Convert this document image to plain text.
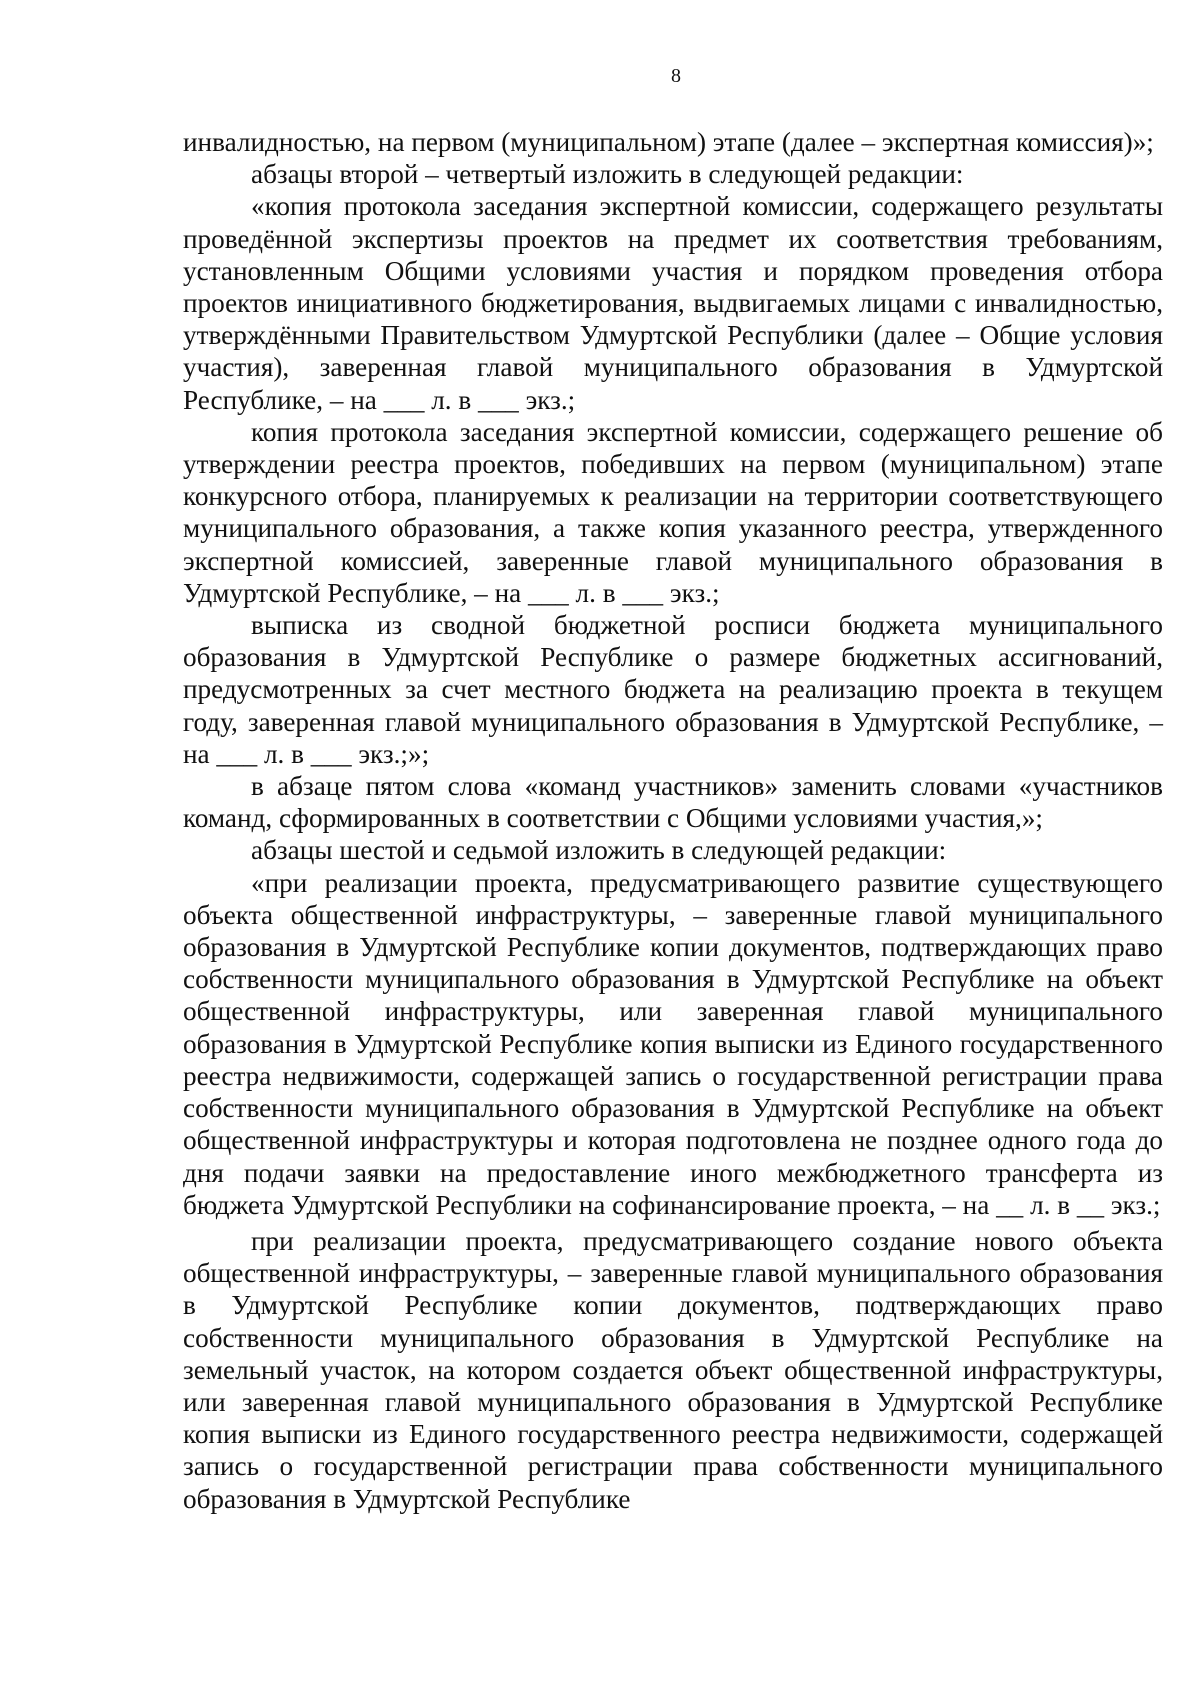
8

инвалидностью, на первом (муниципальном) этапе (далее – экспертная комиссия)»;

абзацы второй – четвертый изложить в следующей редакции:

«копия протокола заседания экспертной комиссии, содержащего результаты проведённой экспертизы проектов на предмет их соответствия требованиям, установленным Общими условиями участия и порядком проведения отбора проектов инициативного бюджетирования, выдвигаемых лицами с инвалидностью, утверждёнными Правительством Удмуртской Республики (далее – Общие условия участия), заверенная главой муниципального образования в Удмуртской Республике, – на ___ л. в ___ экз.;

копия протокола заседания экспертной комиссии, содержащего решение об утверждении реестра проектов, победивших на первом (муниципальном) этапе конкурсного отбора, планируемых к реализации на территории соответствующего муниципального образования, а также копия указанного реестра, утвержденного экспертной комиссией, заверенные главой муниципального образования в Удмуртской Республике, – на ___ л. в ___ экз.;

выписка из сводной бюджетной росписи бюджета муниципального образования в Удмуртской Республике о размере бюджетных ассигнований, предусмотренных за счет местного бюджета на реализацию проекта в текущем году, заверенная главой муниципального образования в Удмуртской Республике, – на ___ л. в ___ экз.;»;

в абзаце пятом слова «команд участников» заменить словами «участников команд, сформированных в соответствии с Общими условиями участия,»;

абзацы шестой и седьмой изложить в следующей редакции:

«при реализации проекта, предусматривающего развитие существующего объекта общественной инфраструктуры, – заверенные главой муниципального образования в Удмуртской Республике копии документов, подтверждающих право собственности муниципального образования в Удмуртской Республике на объект общественной инфраструктуры, или заверенная главой муниципального образования в Удмуртской Республике копия выписки из Единого государственного реестра недвижимости, содержащей запись о государственной регистрации права собственности муниципального образования в Удмуртской Республике на объект общественной инфраструктуры и которая подготовлена не позднее одного года до дня подачи заявки на предоставление иного межбюджетного трансферта из бюджета Удмуртской Республики на софинансирование проекта, – на __ л. в __ экз.;

при реализации проекта, предусматривающего создание нового объекта общественной инфраструктуры, – заверенные главой муниципального образования в Удмуртской Республике копии документов, подтверждающих право собственности муниципального образования в Удмуртской Республике на земельный участок, на котором создается объект общественной инфраструктуры, или заверенная главой муниципального образования в Удмуртской Республике копия выписки из Единого государственного реестра недвижимости, содержащей запись о государственной регистрации права собственности муниципального образования в Удмуртской Республике
